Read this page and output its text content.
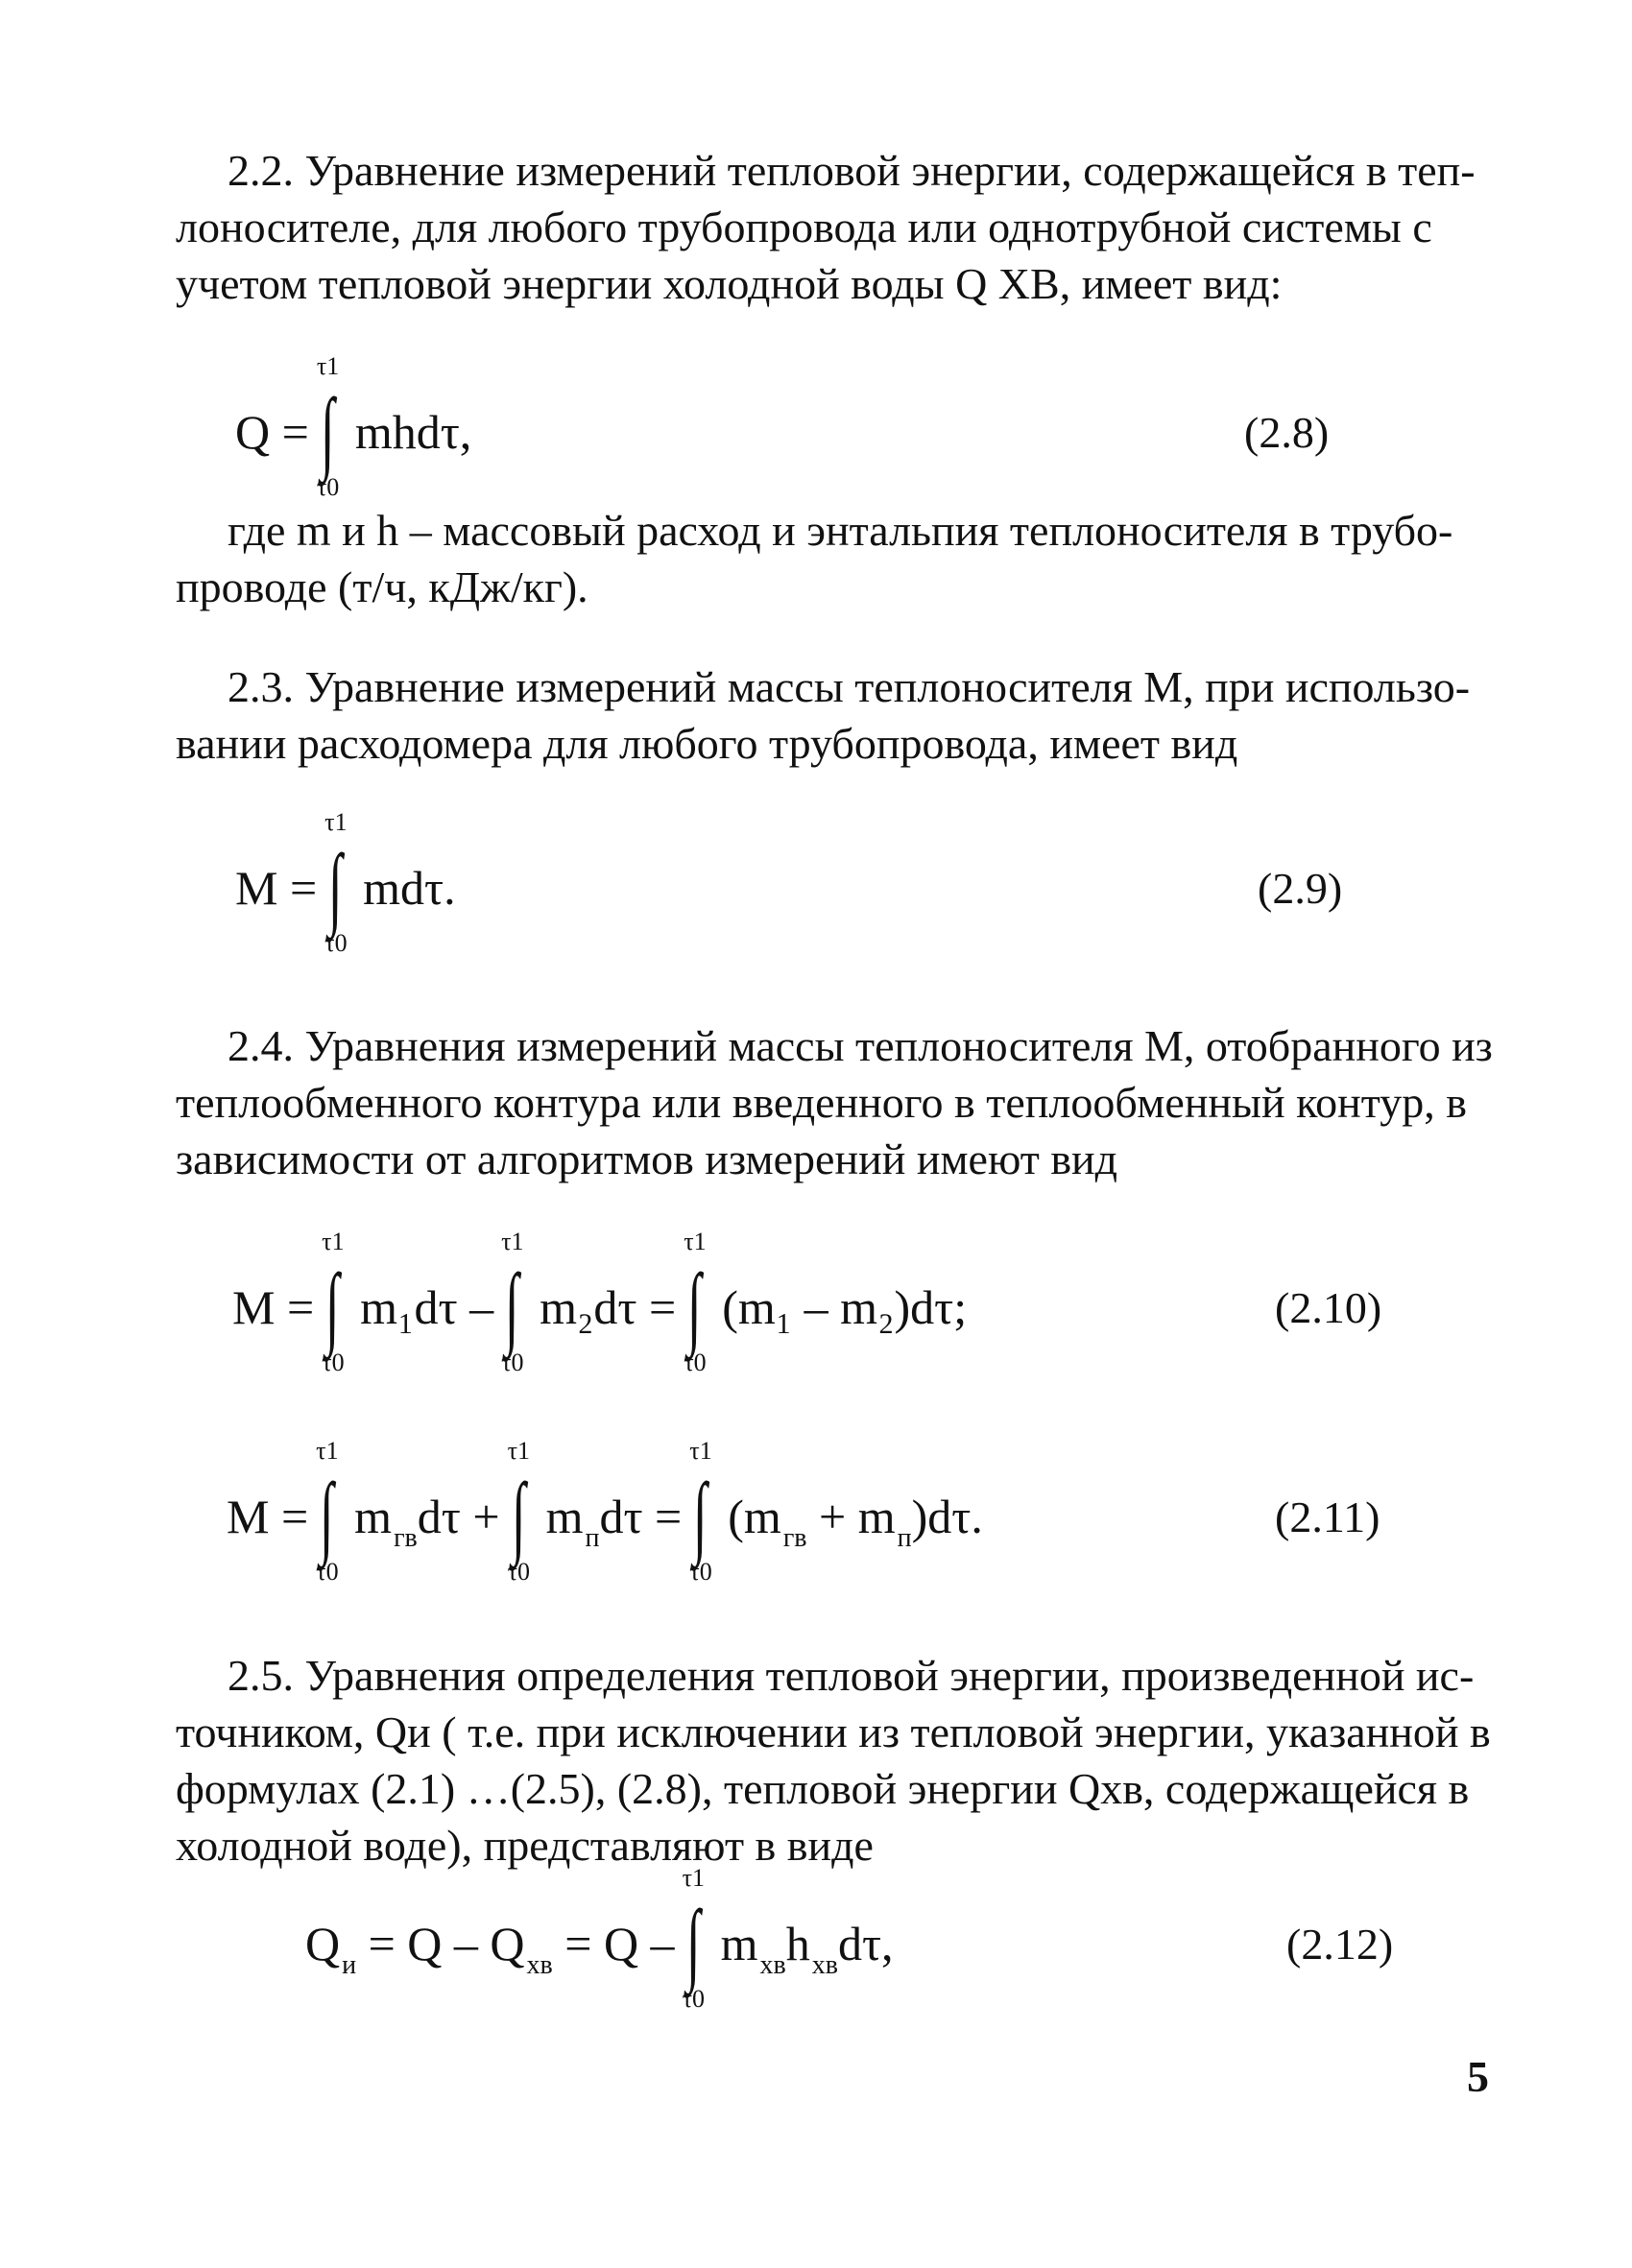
2.2. Уравнение измерений тепловой энергии, содержащейся в теп-
лоносителе, для любого трубопровода или однотрубной системы с
учетом тепловой энергии холодной воды Q ХВ, имеет вид:
Q =
τ1
∫
τ0
mhdτ,	(2.8)
где m и h – массовый расход и энтальпия теплоносителя в трубо-
проводе (т/ч, кДж/кг).
2.3. Уравнение измерений массы теплоносителя М, при использо-
вании расходомера для любого трубопровода, имеет вид
M =
τ1
∫
τ0
mdτ.	(2.9)
2.4. Уравнения измерений массы теплоносителя М, отобранного из
теплообменного контура или введенного в теплообменный контур, в
зависимости от алгоритмов измерений имеют вид
M =
τ1
∫
τ0
m₁dτ –
τ1
∫
τ0
m₂dτ =
τ1
∫
τ0
(m₁ – m₂)dτ;	(2.10)
M =
τ1
∫
τ0
$m_{гв}d\tau$ +
τ1
∫
τ0
$m_пd\tau$ =
τ1
∫
τ0
$(m_{гв} + m_п)d\tau$.	(2.11)
2.5. Уравнения определения тепловой энергии, произведенной ис-
точником, Qи ( т.е. при исключении из тепловой энергии, указанной в
формулах (2.1) …(2.5), (2.8), тепловой энергии Qхв, содержащейся в
холодной воде), представляют в виде
$Q_и = Q - Q_{хв} = Q$ –
τ1
∫
τ0
$m_{хв}h_{хв}d\tau$,	(2.12)
5
